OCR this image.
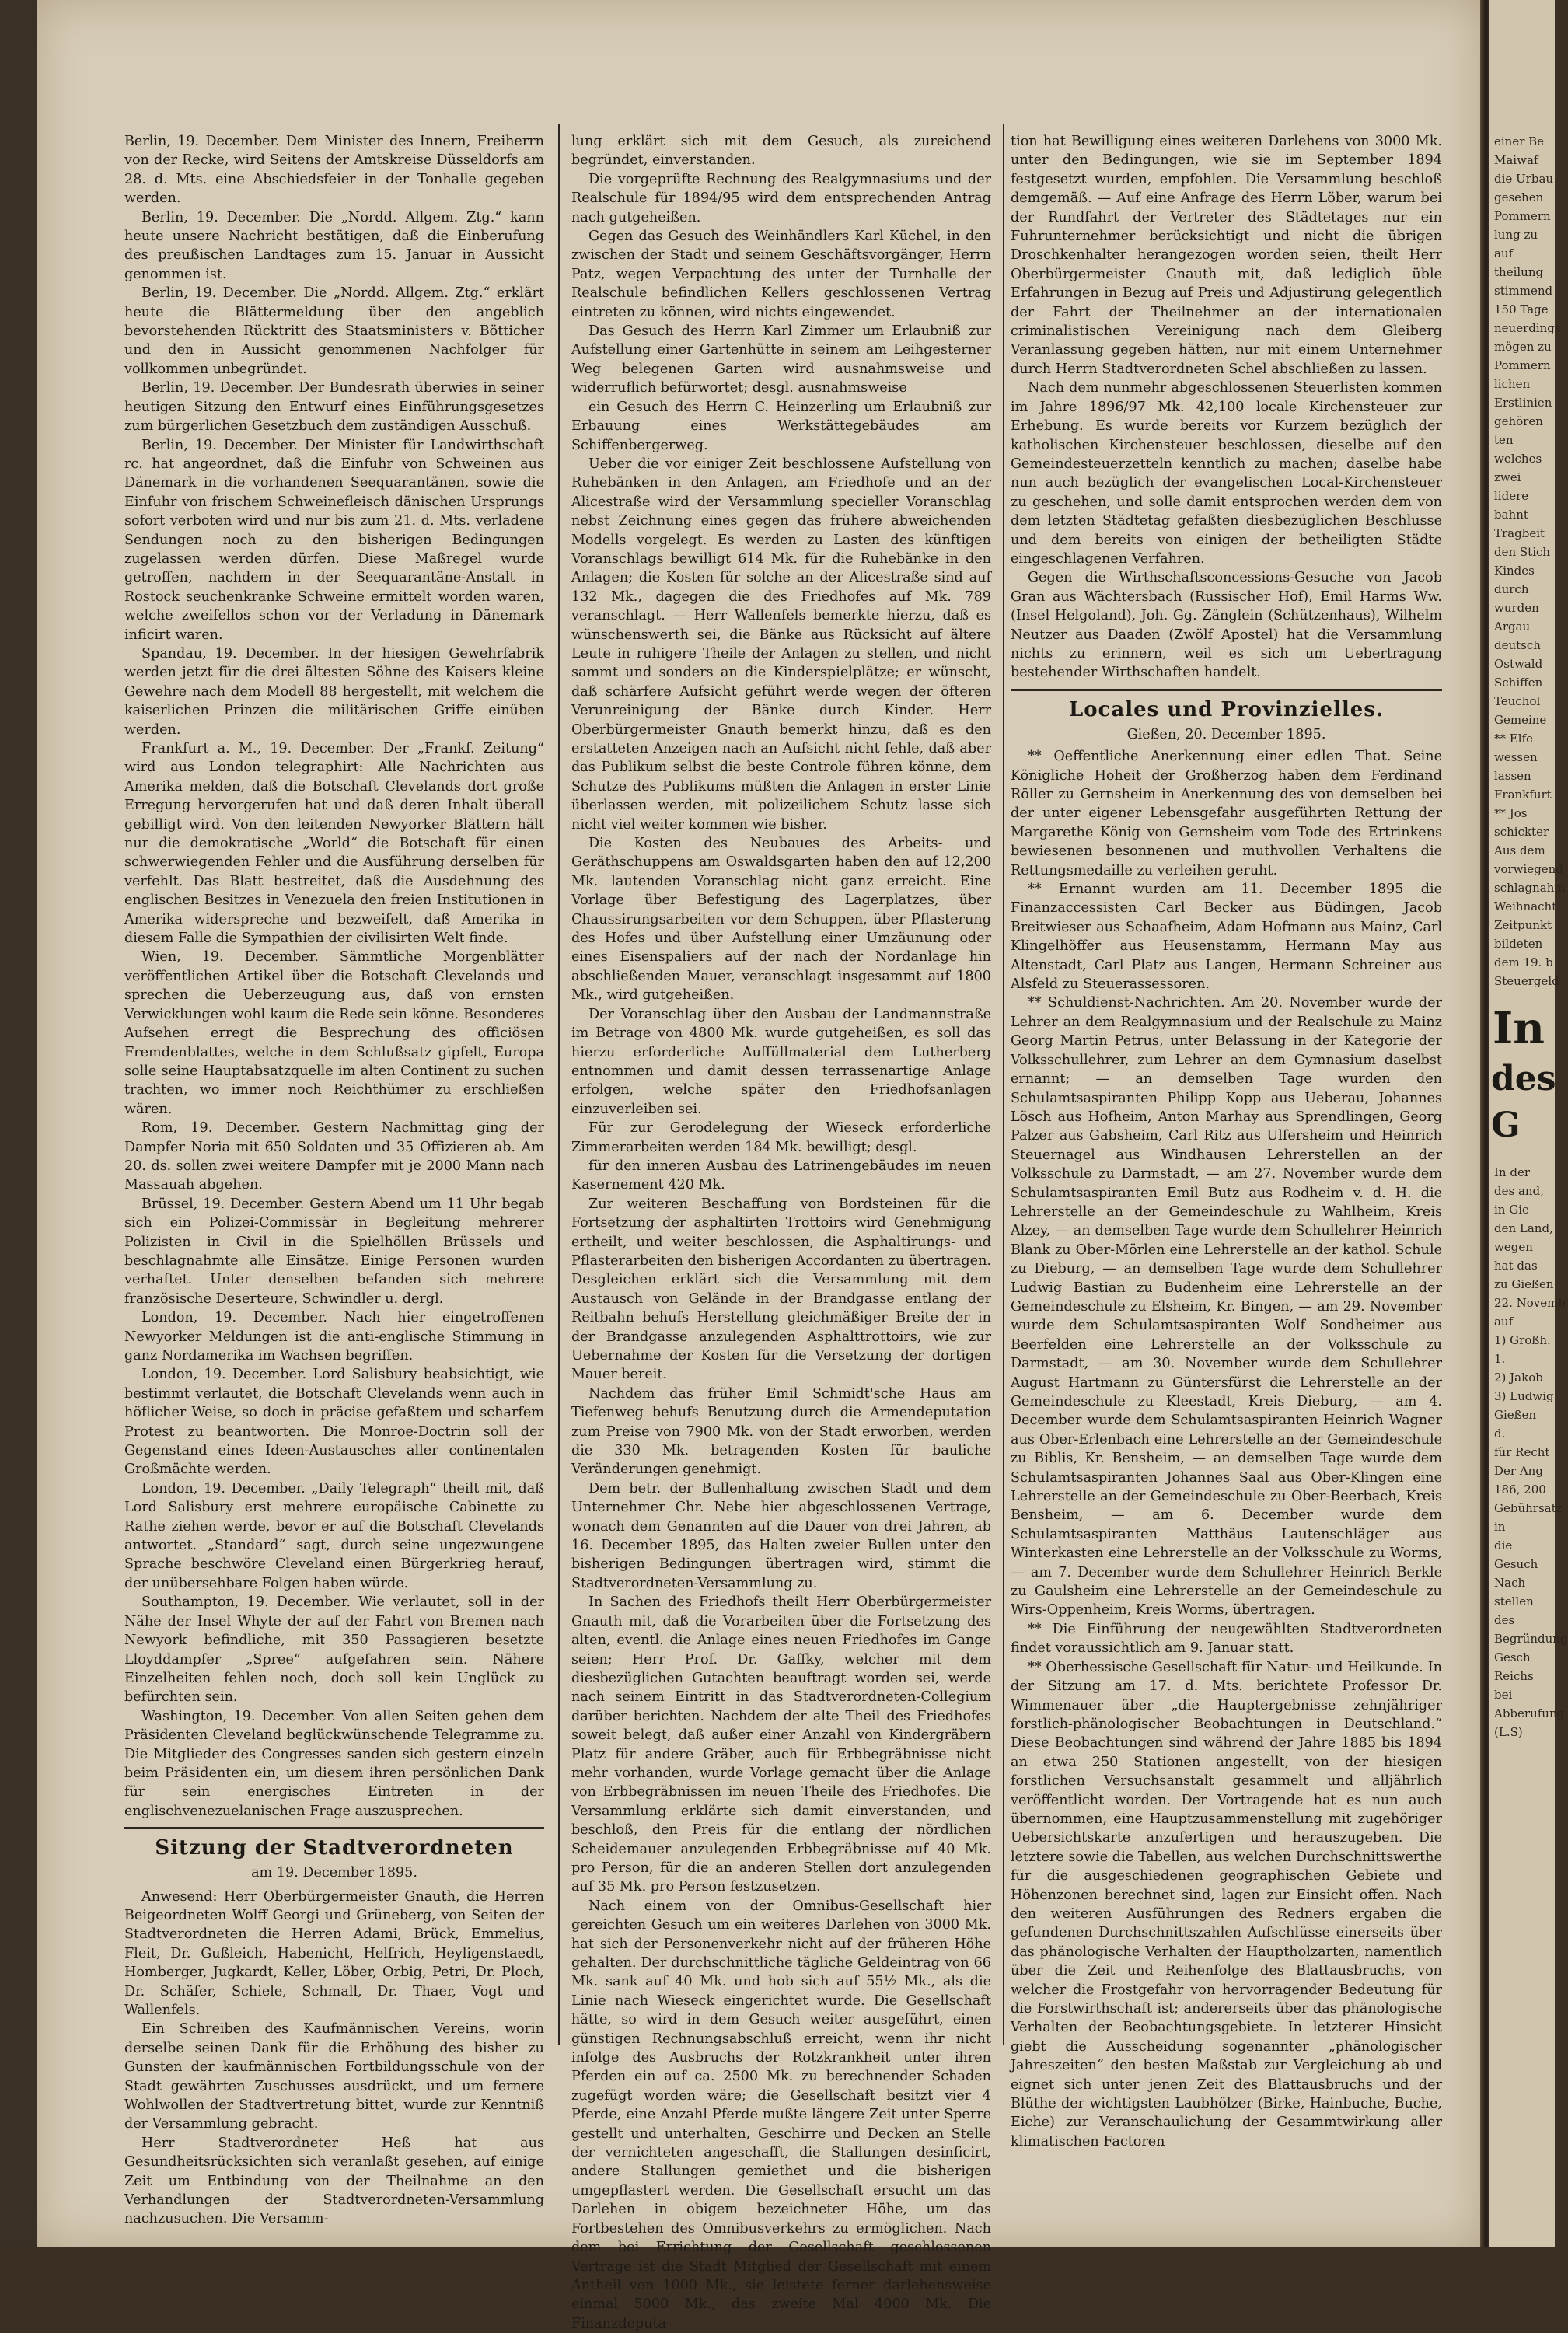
Berlin, 19. December. Dem Minister des Innern, Freiherrn von der Recke, wird Seitens der Amtskreise Düsseldorfs am 28. d. Mts. eine Abschiedsfeier in der Tonhalle gegeben werden.

Berlin, 19. December. Die „Nordd. Allgem. Ztg.“ kann heute unsere Nachricht bestätigen, daß die Einberufung des preußischen Landtages zum 15. Januar in Aussicht genommen ist.

Berlin, 19. December. Die „Nordd. Allgem. Ztg.“ erklärt heute die Blättermeldung über den angeblich bevorstehenden Rücktritt des Staatsministers v. Bötticher und den in Aussicht genommenen Nachfolger für vollkommen unbegründet.

Berlin, 19. December. Der Bundesrath überwies in seiner heutigen Sitzung den Entwurf eines Einführungsgesetzes zum bürgerlichen Gesetzbuch dem zuständigen Ausschuß.

Berlin, 19. December. Der Minister für Landwirthschaft rc. hat angeordnet, daß die Einfuhr von Schweinen aus Dänemark in die vorhandenen Seequarantänen, sowie die Einfuhr von frischem Schweinefleisch dänischen Ursprungs sofort verboten wird und nur bis zum 21. d. Mts. verladene Sendungen noch zu den bisherigen Bedingungen zugelassen werden dürfen. Diese Maßregel wurde getroffen, nachdem in der Seequarantäne-Anstalt in Rostock seuchenkranke Schweine ermittelt worden waren, welche zweifellos schon vor der Verladung in Dänemark inficirt waren.

Spandau, 19. December. In der hiesigen Gewehrfabrik werden jetzt für die drei ältesten Söhne des Kaisers kleine Gewehre nach dem Modell 88 hergestellt, mit welchem die kaiserlichen Prinzen die militärischen Griffe einüben werden.

Frankfurt a. M., 19. December. Der „Frankf. Zeitung“ wird aus London telegraphirt: Alle Nachrichten aus Amerika melden, daß die Botschaft Clevelands dort große Erregung hervorgerufen hat und daß deren Inhalt überall gebilligt wird. Von den leitenden Newyorker Blättern hält nur die demokratische „World“ die Botschaft für einen schwerwiegenden Fehler und die Ausführung derselben für verfehlt. Das Blatt bestreitet, daß die Ausdehnung des englischen Besitzes in Venezuela den freien Institutionen in Amerika widerspreche und bezweifelt, daß Amerika in diesem Falle die Sympathien der civilisirten Welt finde.

Wien, 19. December. Sämmtliche Morgenblätter veröffentlichen Artikel über die Botschaft Clevelands und sprechen die Ueberzeugung aus, daß von ernsten Verwicklungen wohl kaum die Rede sein könne. Besonderes Aufsehen erregt die Besprechung des officiösen Fremdenblattes, welche in dem Schlußsatz gipfelt, Europa solle seine Hauptabsatzquelle im alten Continent zu suchen trachten, wo immer noch Reichthümer zu erschließen wären.

Rom, 19. December. Gestern Nachmittag ging der Dampfer Noria mit 650 Soldaten und 35 Offizieren ab. Am 20. ds. sollen zwei weitere Dampfer mit je 2000 Mann nach Massauah abgehen.

Brüssel, 19. December. Gestern Abend um 11 Uhr begab sich ein Polizei-Commissär in Begleitung mehrerer Polizisten in Civil in die Spielhöllen Brüssels und beschlagnahmte alle Einsätze. Einige Personen wurden verhaftet. Unter denselben befanden sich mehrere französische Deserteure, Schwindler u. dergl.

London, 19. December. Nach hier eingetroffenen Newyorker Meldungen ist die anti-englische Stimmung in ganz Nordamerika im Wachsen begriffen.

London, 19. December. Lord Salisbury beabsichtigt, wie bestimmt verlautet, die Botschaft Clevelands wenn auch in höflicher Weise, so doch in präcise gefaßtem und scharfem Protest zu beantworten. Die Monroe-Doctrin soll der Gegenstand eines Ideen-Austausches aller continentalen Großmächte werden.

London, 19. December. „Daily Telegraph“ theilt mit, daß Lord Salisbury erst mehrere europäische Cabinette zu Rathe ziehen werde, bevor er auf die Botschaft Clevelands antwortet. „Standard“ sagt, durch seine ungezwungene Sprache beschwöre Cleveland einen Bürgerkrieg herauf, der unübersehbare Folgen haben würde.

Southampton, 19. December. Wie verlautet, soll in der Nähe der Insel Whyte der auf der Fahrt von Bremen nach Newyork befindliche, mit 350 Passagieren besetzte Lloyddampfer „Spree“ aufgefahren sein. Nähere Einzelheiten fehlen noch, doch soll kein Unglück zu befürchten sein.

Washington, 19. December. Von allen Seiten gehen dem Präsidenten Cleveland beglückwünschende Telegramme zu. Die Mitglieder des Congresses sanden sich gestern einzeln beim Präsidenten ein, um diesem ihren persönlichen Dank für sein energisches Eintreten in der englischvenezuelanischen Frage auszusprechen.

Sitzung der Stadtverordneten
am 19. December 1895.

Anwesend: Herr Oberbürgermeister Gnauth, die Herren Beigeordneten Wolff Georgi und Grüneberg, von Seiten der Stadtverordneten die Herren Adami, Brück, Emmelius, Fleit, Dr. Gußleich, Habenicht, Helfrich, Heyligenstaedt, Homberger, Jugkardt, Keller, Löber, Orbig, Petri, Dr. Ploch, Dr. Schäfer, Schiele, Schmall, Dr. Thaer, Vogt und Wallenfels.

Ein Schreiben des Kaufmännischen Vereins, worin derselbe seinen Dank für die Erhöhung des bisher zu Gunsten der kaufmännischen Fortbildungsschule von der Stadt gewährten Zuschusses ausdrückt, und um fernere Wohlwollen der Stadtvertretung bittet, wurde zur Kenntniß der Versammlung gebracht.

Herr Stadtverordneter Heß hat aus Gesundheitsrücksichten sich veranlaßt gesehen, auf einige Zeit um Entbindung von der Theilnahme an den Verhandlungen der Stadtverordneten-Versammlung nachzusuchen. Die Versamm-

lung erklärt sich mit dem Gesuch, als zureichend begründet, einverstanden.

Die vorgeprüfte Rechnung des Realgymnasiums und der Realschule für 1894/95 wird dem entsprechenden Antrag nach gutgeheißen.

Gegen das Gesuch des Weinhändlers Karl Küchel, in den zwischen der Stadt und seinem Geschäftsvorgänger, Herrn Patz, wegen Verpachtung des unter der Turnhalle der Realschule befindlichen Kellers geschlossenen Vertrag eintreten zu können, wird nichts eingewendet.

Das Gesuch des Herrn Karl Zimmer um Erlaubniß zur Aufstellung einer Gartenhütte in seinem am Leihgesterner Weg belegenen Garten wird ausnahmsweise und widerruflich befürwortet; desgl. ausnahmsweise

ein Gesuch des Herrn C. Heinzerling um Erlaubniß zur Erbauung eines Werkstättegebäudes am Schiffenbergerweg.

Ueber die vor einiger Zeit beschlossene Aufstellung von Ruhebänken in den Anlagen, am Friedhofe und an der Alicestraße wird der Versammlung specieller Voranschlag nebst Zeichnung eines gegen das frühere abweichenden Modells vorgelegt. Es werden zu Lasten des künftigen Voranschlags bewilligt 614 Mk. für die Ruhebänke in den Anlagen; die Kosten für solche an der Alicestraße sind auf 132 Mk., dagegen die des Friedhofes auf Mk. 789 veranschlagt. — Herr Wallenfels bemerkte hierzu, daß es wünschenswerth sei, die Bänke aus Rücksicht auf ältere Leute in ruhigere Theile der Anlagen zu stellen, und nicht sammt und sonders an die Kinderspielplätze; er wünscht, daß schärfere Aufsicht geführt werde wegen der öfteren Verunreinigung der Bänke durch Kinder. Herr Oberbürgermeister Gnauth bemerkt hinzu, daß es den erstatteten Anzeigen nach an Aufsicht nicht fehle, daß aber das Publikum selbst die beste Controle führen könne, dem Schutze des Publikums müßten die Anlagen in erster Linie überlassen werden, mit polizeilichem Schutz lasse sich nicht viel weiter kommen wie bisher.

Die Kosten des Neubaues des Arbeits- und Geräthschuppens am Oswaldsgarten haben den auf 12,200 Mk. lautenden Voranschlag nicht ganz erreicht. Eine Vorlage über Befestigung des Lagerplatzes, über Chaussirungsarbeiten vor dem Schuppen, über Pflasterung des Hofes und über Aufstellung einer Umzäunung oder eines Eisenspaliers auf der nach der Nordanlage hin abschließenden Mauer, veranschlagt insgesammt auf 1800 Mk., wird gutgeheißen.

Der Voranschlag über den Ausbau der Landmannstraße im Betrage von 4800 Mk. wurde gutgeheißen, es soll das hierzu erforderliche Auffüllmaterial dem Lutherberg entnommen und damit dessen terrassenartige Anlage erfolgen, welche später den Friedhofsanlagen einzuverleiben sei.

Für zur Gerodelegung der Wieseck erforderliche Zimmerarbeiten werden 184 Mk. bewilligt; desgl.

für den inneren Ausbau des Latrinengebäudes im neuen Kasernement 420 Mk.

Zur weiteren Beschaffung von Bordsteinen für die Fortsetzung der asphaltirten Trottoirs wird Genehmigung ertheilt, und weiter beschlossen, die Asphaltirungs- und Pflasterarbeiten den bisherigen Accordanten zu übertragen. Desgleichen erklärt sich die Versammlung mit dem Austausch von Gelände in der Brandgasse entlang der Reitbahn behufs Herstellung gleichmäßiger Breite der in der Brandgasse anzulegenden Asphalttrottoirs, wie zur Uebernahme der Kosten für die Versetzung der dortigen Mauer bereit.

Nachdem das früher Emil Schmidt'sche Haus am Tiefenweg behufs Benutzung durch die Armendeputation zum Preise von 7900 Mk. von der Stadt erworben, werden die 330 Mk. betragenden Kosten für bauliche Veränderungen genehmigt.

Dem betr. der Bullenhaltung zwischen Stadt und dem Unternehmer Chr. Nebe hier abgeschlossenen Vertrage, wonach dem Genannten auf die Dauer von drei Jahren, ab 16. December 1895, das Halten zweier Bullen unter den bisherigen Bedingungen übertragen wird, stimmt die Stadtverordneten-Versammlung zu.

In Sachen des Friedhofs theilt Herr Oberbürgermeister Gnauth mit, daß die Vorarbeiten über die Fortsetzung des alten, eventl. die Anlage eines neuen Friedhofes im Gange seien; Herr Prof. Dr. Gaffky, welcher mit dem diesbezüglichen Gutachten beauftragt worden sei, werde nach seinem Eintritt in das Stadtverordneten-Collegium darüber berichten. Nachdem der alte Theil des Friedhofes soweit belegt, daß außer einer Anzahl von Kindergräbern Platz für andere Gräber, auch für Erbbegräbnisse nicht mehr vorhanden, wurde Vorlage gemacht über die Anlage von Erbbegräbnissen im neuen Theile des Friedhofes. Die Versammlung erklärte sich damit einverstanden, und beschloß, den Preis für die entlang der nördlichen Scheidemauer anzulegenden Erbbegräbnisse auf 40 Mk. pro Person, für die an anderen Stellen dort anzulegenden auf 35 Mk. pro Person festzusetzen.

Nach einem von der Omnibus-Gesellschaft hier gereichten Gesuch um ein weiteres Darlehen von 3000 Mk. hat sich der Personenverkehr nicht auf der früheren Höhe gehalten. Der durchschnittliche tägliche Geldeintrag von 66 Mk. sank auf 40 Mk. und hob sich auf 55½ Mk., als die Linie nach Wieseck eingerichtet wurde. Die Gesellschaft hätte, so wird in dem Gesuch weiter ausgeführt, einen günstigen Rechnungsabschluß erreicht, wenn ihr nicht infolge des Ausbruchs der Rotzkrankheit unter ihren Pferden ein auf ca. 2500 Mk. zu berechnender Schaden zugefügt worden wäre; die Gesellschaft besitzt vier 4 Pferde, eine Anzahl Pferde mußte längere Zeit unter Sperre gestellt und unterhalten, Geschirre und Decken an Stelle der vernichteten angeschafft, die Stallungen desinficirt, andere Stallungen gemiethet und die bisherigen umgepflastert werden. Die Gesellschaft ersucht um das Darlehen in obigem bezeichneter Höhe, um das Fortbestehen des Omnibusverkehrs zu ermöglichen. Nach dem bei Errichtung der Gesellschaft geschlossenen Vertrage ist die Stadt Mitglied der Gesellschaft mit einem Antheil von 1000 Mk., sie leistete ferner darlehensweise einmal 5000 Mk., das zweite Mal 4000 Mk. Die Finanzdeputa-

tion hat Bewilligung eines weiteren Darlehens von 3000 Mk. unter den Bedingungen, wie sie im September 1894 festgesetzt wurden, empfohlen. Die Versammlung beschloß demgemäß. — Auf eine Anfrage des Herrn Löber, warum bei der Rundfahrt der Vertreter des Städtetages nur ein Fuhrunternehmer berücksichtigt und nicht die übrigen Droschkenhalter herangezogen worden seien, theilt Herr Oberbürgermeister Gnauth mit, daß lediglich üble Erfahrungen in Bezug auf Preis und Adjustirung gelegentlich der Fahrt der Theilnehmer an der internationalen criminalistischen Vereinigung nach dem Gleiberg Veranlassung gegeben hätten, nur mit einem Unternehmer durch Herrn Stadtverordneten Schel abschließen zu lassen.

Nach dem nunmehr abgeschlossenen Steuerlisten kommen im Jahre 1896/97 Mk. 42,100 locale Kirchensteuer zur Erhebung. Es wurde bereits vor Kurzem bezüglich der katholischen Kirchensteuer beschlossen, dieselbe auf den Gemeindesteuerzetteln kenntlich zu machen; daselbe habe nun auch bezüglich der evangelischen Local-Kirchensteuer zu geschehen, und solle damit entsprochen werden dem von dem letzten Städtetag gefaßten diesbezüglichen Beschlusse und dem bereits von einigen der betheiligten Städte eingeschlagenen Verfahren.

Gegen die Wirthschaftsconcessions-Gesuche von Jacob Gran aus Wächtersbach (Russischer Hof), Emil Harms Ww. (Insel Helgoland), Joh. Gg. Zänglein (Schützenhaus), Wilhelm Neutzer aus Daaden (Zwölf Apostel) hat die Versammlung nichts zu erinnern, weil es sich um Uebertragung bestehender Wirthschaften handelt.

Locales und Provinzielles.
Gießen, 20. December 1895.

** Oeffentliche Anerkennung einer edlen That. Seine Königliche Hoheit der Großherzog haben dem Ferdinand Röller zu Gernsheim in Anerkennung des von demselben bei der unter eigener Lebensgefahr ausgeführten Rettung der Margarethe König von Gernsheim vom Tode des Ertrinkens bewiesenen besonnenen und muthvollen Verhaltens die Rettungsmedaille zu verleihen geruht.

** Ernannt wurden am 11. December 1895 die Finanzaccessisten Carl Becker aus Büdingen, Jacob Breitwieser aus Schaafheim, Adam Hofmann aus Mainz, Carl Klingelhöffer aus Heusenstamm, Hermann May aus Altenstadt, Carl Platz aus Langen, Hermann Schreiner aus Alsfeld zu Steuerassessoren.

** Schuldienst-Nachrichten. Am 20. November wurde der Lehrer an dem Realgymnasium und der Realschule zu Mainz Georg Martin Petrus, unter Belassung in der Kategorie der Volksschullehrer, zum Lehrer an dem Gymnasium daselbst ernannt; — an demselben Tage wurden den Schulamtsaspiranten Philipp Kopp aus Ueberau, Johannes Lösch aus Hofheim, Anton Marhay aus Sprendlingen, Georg Palzer aus Gabsheim, Carl Ritz aus Ulfersheim und Heinrich Steuernagel aus Windhausen Lehrerstellen an der Volksschule zu Darmstadt, — am 27. November wurde dem Schulamtsaspiranten Emil Butz aus Rodheim v. d. H. die Lehrerstelle an der Gemeindeschule zu Wahlheim, Kreis Alzey, — an demselben Tage wurde dem Schullehrer Heinrich Blank zu Ober-Mörlen eine Lehrerstelle an der kathol. Schule zu Dieburg, — an demselben Tage wurde dem Schullehrer Ludwig Bastian zu Budenheim eine Lehrerstelle an der Gemeindeschule zu Elsheim, Kr. Bingen, — am 29. November wurde dem Schulamtsaspiranten Wolf Sondheimer aus Beerfelden eine Lehrerstelle an der Volksschule zu Darmstadt, — am 30. November wurde dem Schullehrer August Hartmann zu Güntersfürst die Lehrerstelle an der Gemeindeschule zu Kleestadt, Kreis Dieburg, — am 4. December wurde dem Schulamtsaspiranten Heinrich Wagner aus Ober-Erlenbach eine Lehrerstelle an der Gemeindeschule zu Biblis, Kr. Bensheim, — an demselben Tage wurde dem Schulamtsaspiranten Johannes Saal aus Ober-Klingen eine Lehrerstelle an der Gemeindeschule zu Ober-Beerbach, Kreis Bensheim, — am 6. December wurde dem Schulamtsaspiranten Matthäus Lautenschläger aus Winterkasten eine Lehrerstelle an der Volksschule zu Worms, — am 7. December wurde dem Schullehrer Heinrich Berkle zu Gaulsheim eine Lehrerstelle an der Gemeindeschule zu Wirs-Oppenheim, Kreis Worms, übertragen.

** Die Einführung der neugewählten Stadtverordneten findet voraussichtlich am 9. Januar statt.

** Oberhessische Gesellschaft für Natur- und Heilkunde. In der Sitzung am 17. d. Mts. berichtete Professor Dr. Wimmenauer über „die Hauptergebnisse zehnjähriger forstlich-phänologischer Beobachtungen in Deutschland.“ Diese Beobachtungen sind während der Jahre 1885 bis 1894 an etwa 250 Stationen angestellt, von der hiesigen forstlichen Versuchsanstalt gesammelt und alljährlich veröffentlicht worden. Der Vortragende hat es nun auch übernommen, eine Hauptzusammenstellung mit zugehöriger Uebersichtskarte anzufertigen und herauszugeben. Die letztere sowie die Tabellen, aus welchen Durchschnittswerthe für die ausgeschiedenen geographischen Gebiete und Höhenzonen berechnet sind, lagen zur Einsicht offen. Nach den weiteren Ausführungen des Redners ergaben die gefundenen Durchschnittszahlen Aufschlüsse einerseits über das phänologische Verhalten der Hauptholzarten, namentlich über die Zeit und Reihenfolge des Blattausbruchs, von welcher die Frostgefahr von hervorragender Bedeutung für die Forstwirthschaft ist; andererseits über das phänologische Verhalten der Beobachtungsgebiete. In letzterer Hinsicht giebt die Ausscheidung sogenannter „phänologischer Jahreszeiten“ den besten Maßstab zur Vergleichung ab und eignet sich unter jenen Zeit des Blattausbruchs und der Blüthe der wichtigsten Laubhölzer (Birke, Hainbuche, Buche, Eiche) zur Veranschaulichung der Gesammtwirkung aller klimatischen Factoren

einer Be
Maiwaf
die Urbau
gesehen
Pommern
lung zu
auf
theilung
stimmend
150 Tage
neuerdings
mögen zu
Pommern
lichen
Erstlinien
gehören
ten
welches
zwei
lidere
bahnt
Tragbeit
den Stich
Kindes
durch
wurden
Argau
deutsch
Ostwald
Schiffen
Teuchol
Gemeine
** Elfe
wessen
lassen
Frankfurt
** Jos
schickter
Aus dem
vorwiegend
schlagnahm
Weihnacht
Zeitpunkt
bildeten
dem 19. b
Steuergeld
In
des G
In der
des and,
in Gie
den Land,
wegen
hat das
zu Gießen
22. Novemb
auf
1) Großh.
1.
2) Jakob
3) Ludwig
Gießen
d.
für Recht
Der Ang
186, 200
Gebührsatz
in
die
Gesuch
Nach
stellen
des
Begründung
Gesch
Reichs
bei
Abberufung
(L.S)
